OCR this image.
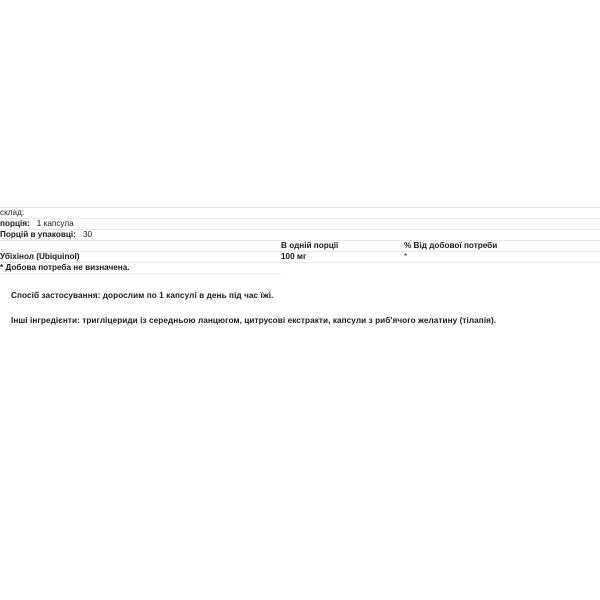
склад:		
порція: 1 капсула		
Порцій в упаковці: 30		
	В одній порції	% Від добової потреби
Убіхінол (Ubiquinol)	100 мг	*
* Добова потреба не визначена.		

Спосіб застосування: дорослим по 1 капсулі в день під час їжі.

Інші інгредієнти: тригліцериди із середньою ланцюгом, цитрусові екстракти, капсули з риб'ячого желатину (тілапія).
